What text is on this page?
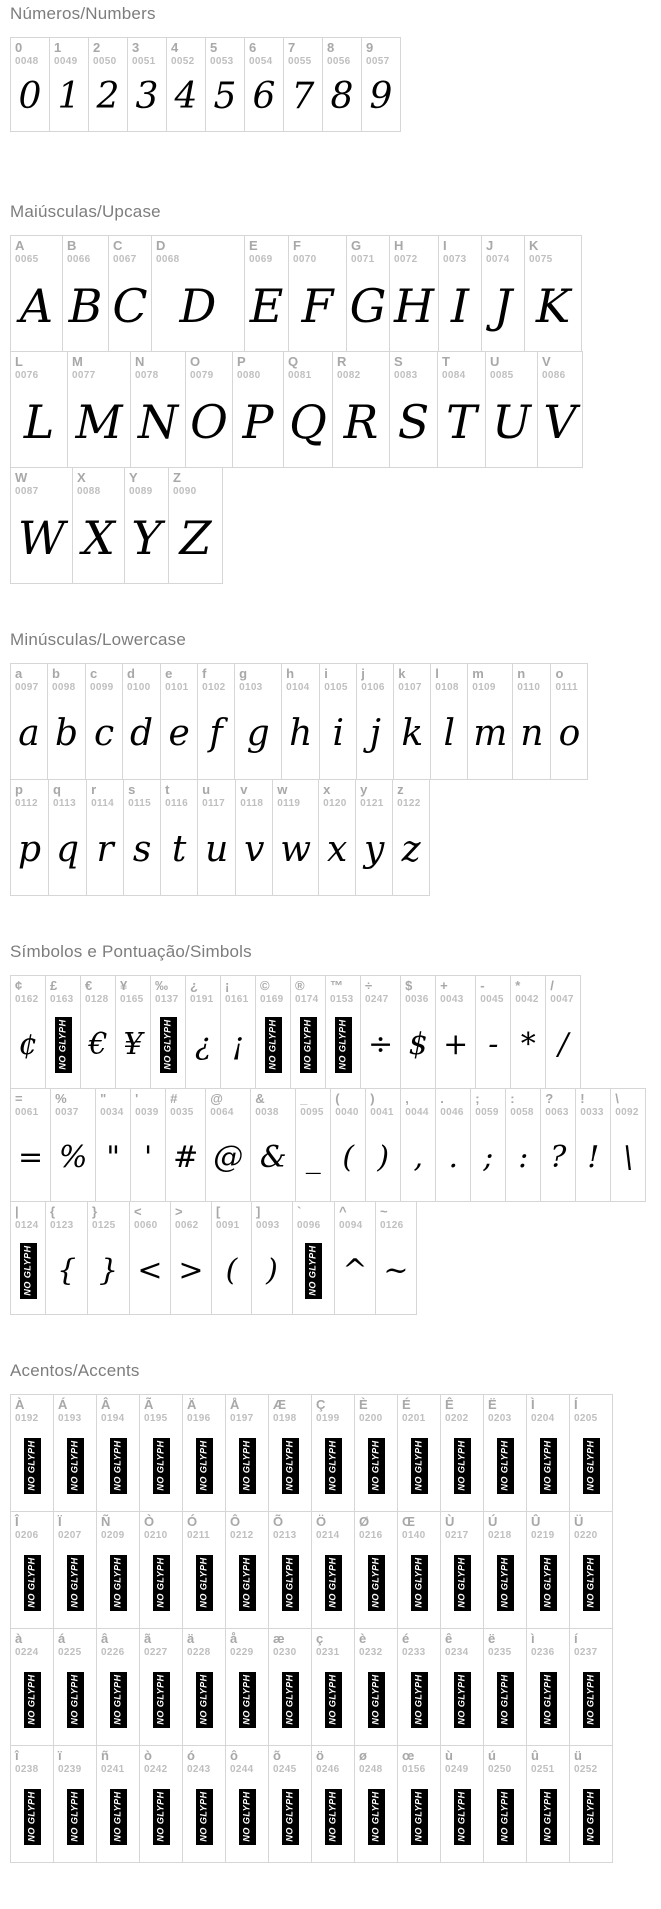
Números/Numbers
0
0048
0
1
0049
1
2
0050
2
3
0051
3
4
0052
4
5
0053
5
6
0054
6
7
0055
7
8
0056
8
9
0057
9
Maiúsculas/Upcase
A
0065
A
B
0066
B
C
0067
C
D
0068
D
E
0069
E
F
0070
F
G
0071
G
H
0072
H
I
0073
I
J
0074
J
K
0075
K
L
0076
L
M
0077
M
N
0078
N
O
0079
O
P
0080
P
Q
0081
Q
R
0082
R
S
0083
S
T
0084
T
U
0085
U
V
0086
V
W
0087
W
X
0088
X
Y
0089
Y
Z
0090
Z
Minúsculas/Lowercase
a
0097
a
b
0098
b
c
0099
c
d
0100
d
e
0101
e
f
0102
f
g
0103
g
h
0104
h
i
0105
i
j
0106
j
k
0107
k
l
0108
l
m
0109
m
n
0110
n
o
0111
o
p
0112
p
q
0113
q
r
0114
r
s
0115
s
t
0116
t
u
0117
u
v
0118
v
w
0119
w
x
0120
x
y
0121
y
z
0122
z
Símbolos e Pontuação/Simbols
¢
0162
¢
£
0163
NO GLYPH
€
0128
€
¥
0165
¥
‰
0137
NO GLYPH
¿
0191
¿
¡
0161
¡
©
0169
NO GLYPH
®
0174
NO GLYPH
™
0153
NO GLYPH
÷
0247
÷
$
0036
$
+
0043
+
-
0045
-
*
0042
*
/
0047
/
=
0061
=
%
0037
%
"
0034
"
'
0039
'
#
0035
#
@
0064
@
&
0038
&
_
0095
_
(
0040
(
)
0041
)
,
0044
,
.
0046
.
;
0059
;
:
0058
:
?
0063
?
!
0033
!
\
0092
\
|
0124
NO GLYPH
{
0123
{
}
0125
}
<
0060
<
>
0062
>
[
0091
(
]
0093
)
`
0096
NO GLYPH
^
0094
^
~
0126
~
Acentos/Accents
À
0192
NO GLYPH
Á
0193
NO GLYPH
Â
0194
NO GLYPH
Ã
0195
NO GLYPH
Ä
0196
NO GLYPH
Å
0197
NO GLYPH
Æ
0198
NO GLYPH
Ç
0199
NO GLYPH
È
0200
NO GLYPH
É
0201
NO GLYPH
Ê
0202
NO GLYPH
Ë
0203
NO GLYPH
Ì
0204
NO GLYPH
Í
0205
NO GLYPH
Î
0206
NO GLYPH
Ï
0207
NO GLYPH
Ñ
0209
NO GLYPH
Ò
0210
NO GLYPH
Ó
0211
NO GLYPH
Ô
0212
NO GLYPH
Õ
0213
NO GLYPH
Ö
0214
NO GLYPH
Ø
0216
NO GLYPH
Œ
0140
NO GLYPH
Ù
0217
NO GLYPH
Ú
0218
NO GLYPH
Û
0219
NO GLYPH
Ü
0220
NO GLYPH
à
0224
NO GLYPH
á
0225
NO GLYPH
â
0226
NO GLYPH
ã
0227
NO GLYPH
ä
0228
NO GLYPH
å
0229
NO GLYPH
æ
0230
NO GLYPH
ç
0231
NO GLYPH
è
0232
NO GLYPH
é
0233
NO GLYPH
ê
0234
NO GLYPH
ë
0235
NO GLYPH
ì
0236
NO GLYPH
í
0237
NO GLYPH
î
0238
NO GLYPH
ï
0239
NO GLYPH
ñ
0241
NO GLYPH
ò
0242
NO GLYPH
ó
0243
NO GLYPH
ô
0244
NO GLYPH
õ
0245
NO GLYPH
ö
0246
NO GLYPH
ø
0248
NO GLYPH
œ
0156
NO GLYPH
ù
0249
NO GLYPH
ú
0250
NO GLYPH
û
0251
NO GLYPH
ü
0252
NO GLYPH
